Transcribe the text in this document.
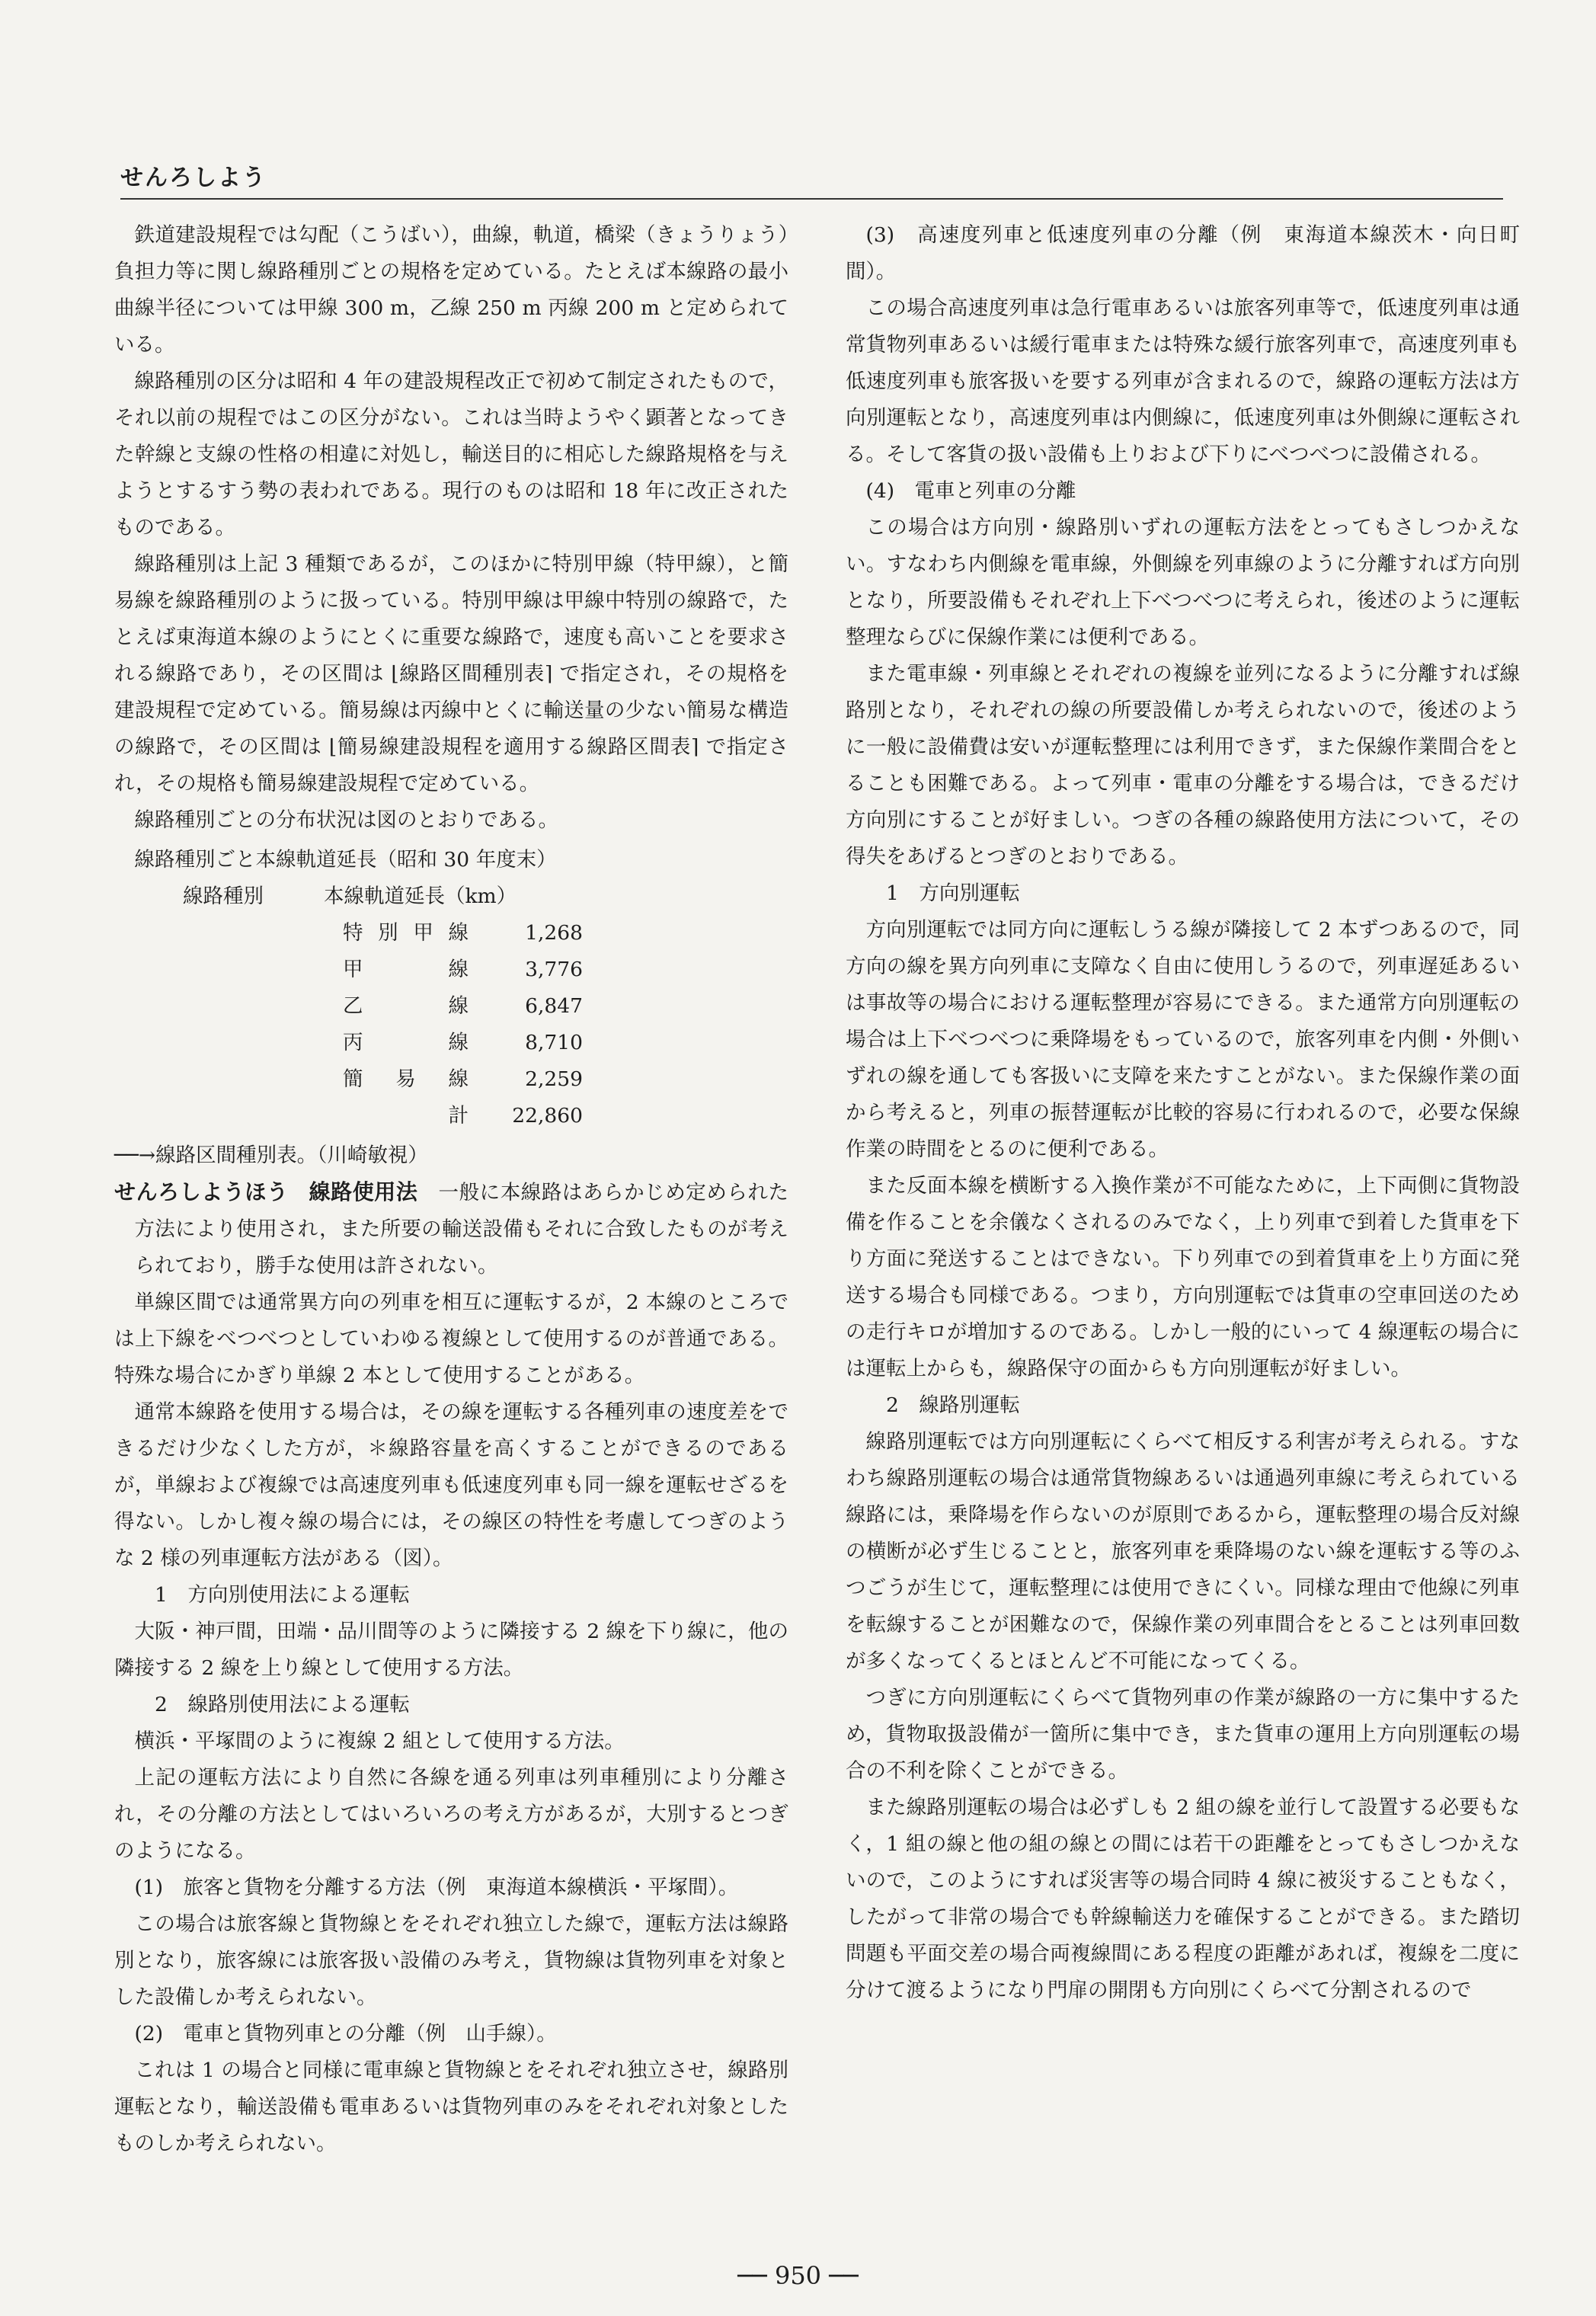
せんろしよう

鉄道建設規程では勾配（こうばい），曲線，軌道，橋梁（きょうりょう）負担力等に関し線路種別ごとの規格を定めている。たとえば本線路の最小曲線半径については甲線 300 m，乙線 250 m 丙線 200 m と定められている。

線路種別の区分は昭和 4 年の建設規程改正で初めて制定されたもので，それ以前の規程ではこの区分がない。これは当時ようやく顕著となってきた幹線と支線の性格の相違に対処し，輸送目的に相応した線路規格を与えようとするすう勢の表われである。現行のものは昭和 18 年に改正されたものである。

線路種別は上記 3 種類であるが，このほかに特別甲線（特甲線），と簡易線を線路種別のように扱っている。特別甲線は甲線中特別の線路で，たとえば東海道本線のようにとくに重要な線路で，速度も高いことを要求される線路であり，その区間は ⌊線路区間種別表⌉ で指定され，その規格を建設規程で定めている。簡易線は丙線中とくに輸送量の少ない簡易な構造の線路で，その区間は ⌊簡易線建設規程を適用する線路区間表⌉ で指定され，その規格も簡易線建設規程で定めている。

線路種別ごとの分布状況は図のとおりである。

線路種別ごと本線軌道延長（昭和 30 年度末）
線路種別	本線軌道延長（km）
特別甲線	1,268
甲　線	3,776
乙　線	6,847
丙　線	8,710
簡 易 線	2,259
計	22,860

──→線路区間種別表。（川崎敏視）

せんろしようほう　 線路使用法　 一般に本線路はあらかじめ定められた方法により使用され，また所要の輸送設備もそれに合致したものが考えられており，勝手な使用は許されない。

単線区間では通常異方向の列車を相互に運転するが，2 本線のところでは上下線をべつべつとしていわゆる複線として使用するのが普通である。特殊な場合にかぎり単線 2 本として使用することがある。

通常本線路を使用する場合は，その線を運転する各種列車の速度差をできるだけ少なくした方が，＊線路容量を高くすることができるのであるが，単線および複線では高速度列車も低速度列車も同一線を運転せざるを得ない。しかし複々線の場合には，その線区の特性を考慮してつぎのような 2 様の列車運転方法がある（図）。

1　方向別使用法による運転

大阪・神戸間，田端・品川間等のように隣接する 2 線を下り線に，他の隣接する 2 線を上り線として使用する方法。

2　線路別使用法による運転

横浜・平塚間のように複線 2 組として使用する方法。

上記の運転方法により自然に各線を通る列車は列車種別により分離され，その分離の方法としてはいろいろの考え方があるが，大別するとつぎのようになる。

(1)　旅客と貨物を分離する方法（例　東海道本線横浜・平塚間）。

この場合は旅客線と貨物線とをそれぞれ独立した線で，運転方法は線路別となり，旅客線には旅客扱い設備のみ考え，貨物線は貨物列車を対象とした設備しか考えられない。

(2)　電車と貨物列車との分離（例　山手線）。

これは 1 の場合と同様に電車線と貨物線とをそれぞれ独立させ，線路別運転となり，輸送設備も電車あるいは貨物列車のみをそれぞれ対象としたものしか考えられない。

(3)　高速度列車と低速度列車の分離（例　東海道本線茨木・向日町間）。

この場合高速度列車は急行電車あるいは旅客列車等で，低速度列車は通常貨物列車あるいは緩行電車または特殊な緩行旅客列車で，高速度列車も低速度列車も旅客扱いを要する列車が含まれるので，線路の運転方法は方向別運転となり，高速度列車は内側線に，低速度列車は外側線に運転される。そして客貨の扱い設備も上りおよび下りにべつべつに設備される。

(4)　電車と列車の分離

この場合は方向別・線路別いずれの運転方法をとってもさしつかえない。すなわち内側線を電車線，外側線を列車線のように分離すれば方向別となり，所要設備もそれぞれ上下べつべつに考えられ，後述のように運転整理ならびに保線作業には便利である。

また電車線・列車線とそれぞれの複線を並列になるように分離すれば線路別となり，それぞれの線の所要設備しか考えられないので，後述のように一般に設備費は安いが運転整理には利用できず，また保線作業間合をとることも困難である。よって列車・電車の分離をする場合は，できるだけ方向別にすることが好ましい。つぎの各種の線路使用方法について，その得失をあげるとつぎのとおりである。

1　方向別運転

方向別運転では同方向に運転しうる線が隣接して 2 本ずつあるので，同方向の線を異方向列車に支障なく自由に使用しうるので，列車遅延あるいは事故等の場合における運転整理が容易にできる。また通常方向別運転の場合は上下べつべつに乗降場をもっているので，旅客列車を内側・外側いずれの線を通しても客扱いに支障を来たすことがない。また保線作業の面から考えると，列車の振替運転が比較的容易に行われるので，必要な保線作業の時間をとるのに便利である。

また反面本線を横断する入換作業が不可能なために，上下両側に貨物設備を作ることを余儀なくされるのみでなく，上り列車で到着した貨車を下り方面に発送することはできない。下り列車での到着貨車を上り方面に発送する場合も同様である。つまり，方向別運転では貨車の空車回送のための走行キロが増加するのである。しかし一般的にいって 4 線運転の場合には運転上からも，線路保守の面からも方向別運転が好ましい。

2　線路別運転

線路別運転では方向別運転にくらべて相反する利害が考えられる。すなわち線路別運転の場合は通常貨物線あるいは通過列車線に考えられている線路には，乗降場を作らないのが原則であるから，運転整理の場合反対線の横断が必ず生じることと，旅客列車を乗降場のない線を運転する等のふつごうが生じて，運転整理には使用できにくい。同様な理由で他線に列車を転線することが困難なので，保線作業の列車間合をとることは列車回数が多くなってくるとほとんど不可能になってくる。

つぎに方向別運転にくらべて貨物列車の作業が線路の一方に集中するため，貨物取扱設備が一箇所に集中でき，また貨車の運用上方向別運転の場合の不利を除くことができる。

また線路別運転の場合は必ずしも 2 組の線を並行して設置する必要もなく，1 組の線と他の組の線との間には若干の距離をとってもさしつかえないので，このようにすれば災害等の場合同時 4 線に被災することもなく，したがって非常の場合でも幹線輸送力を確保することができる。また踏切問題も平面交差の場合両複線間にある程度の距離があれば，複線を二度に分けて渡るようになり門扉の開閉も方向別にくらべて分割されるので

── 950 ──
